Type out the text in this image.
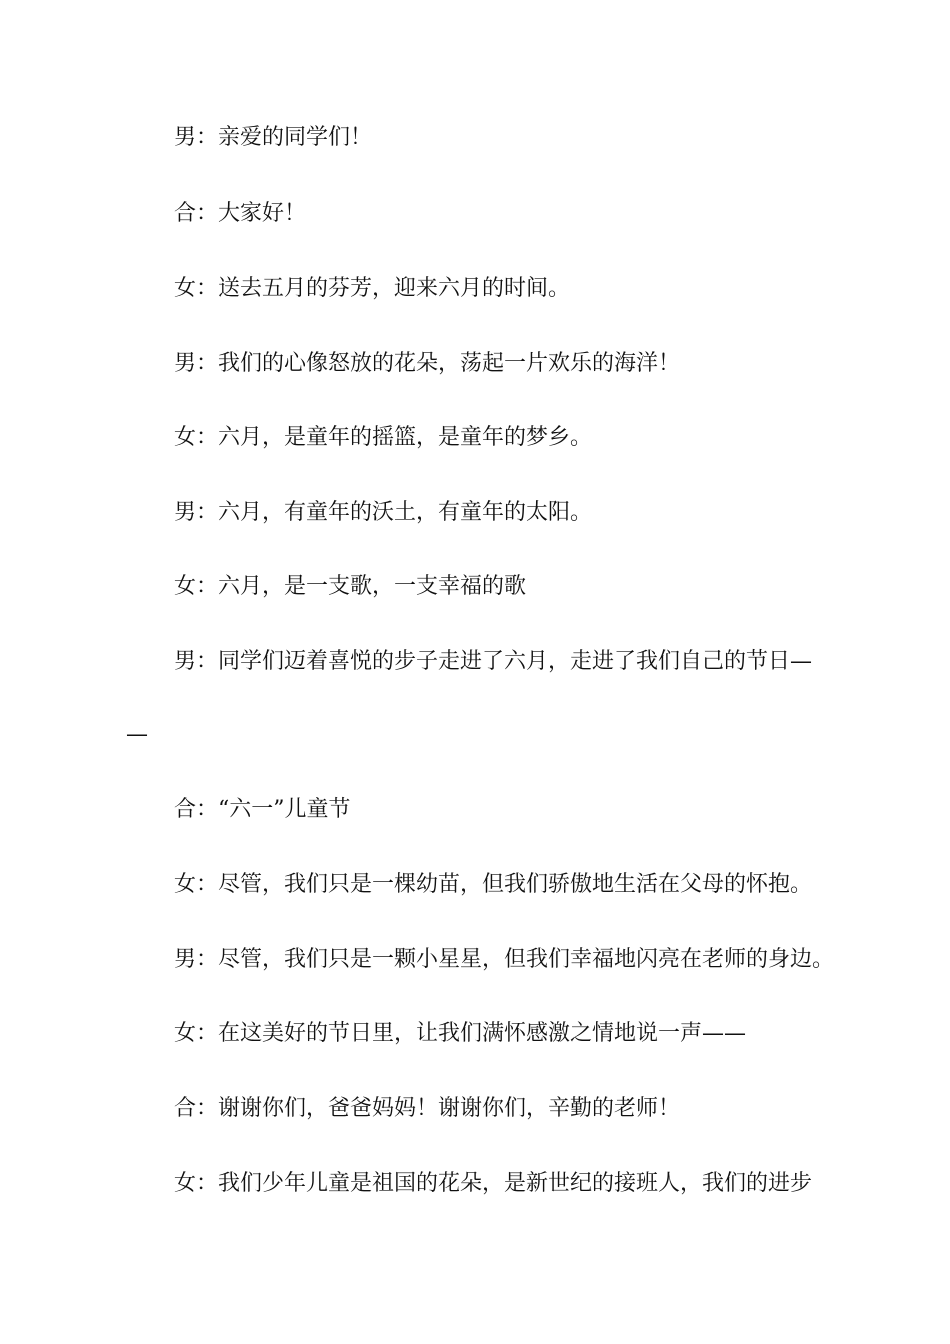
男：亲爱的同学们！
合：大家好！
女：送去五月的芬芳，迎来六月的时间。
男：我们的心像怒放的花朵，荡起一片欢乐的海洋！
女：六月，是童年的摇篮，是童年的梦乡。
男：六月，有童年的沃土，有童年的太阳。
女：六月，是一支歌，一支幸福的歌
男：同学们迈着喜悦的步子走进了六月，走进了我们自己的节日—
—
合：“六一”儿童节
女：尽管，我们只是一棵幼苗，但我们骄傲地生活在父母的怀抱。
男：尽管，我们只是一颗小星星，但我们幸福地闪亮在老师的身边。
女：在这美好的节日里，让我们满怀感激之情地说一声——
合：谢谢你们，爸爸妈妈！谢谢你们，辛勤的老师！
女：我们少年儿童是祖国的花朵，是新世纪的接班人，我们的进步
